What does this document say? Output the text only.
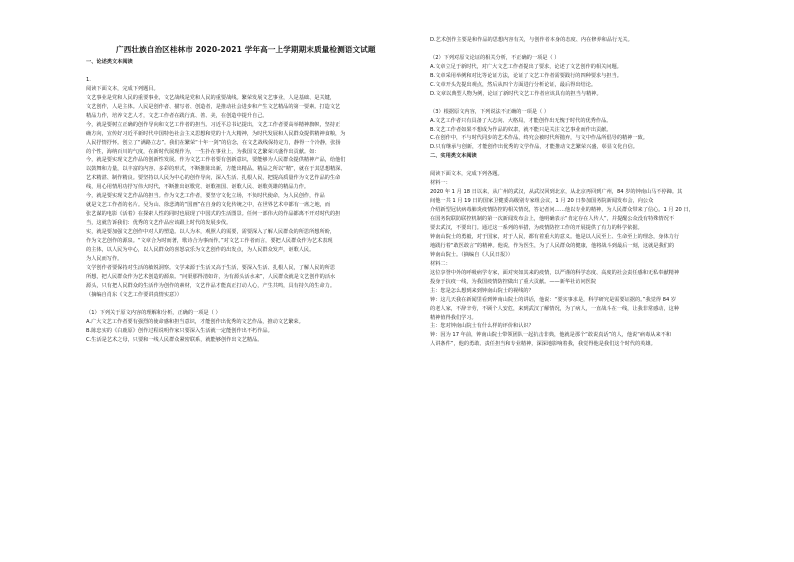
广西壮族自治区桂林市 2020-2021 学年高一上学期期末质量检测语文试题
一、论述类文本阅读
1.
阅读下面文本，完成下列题目。
文艺事业是党和人民的重要事业，文艺战线是党和人民的重要战线。繁荣发展文艺事业，人是基础、是关键，
文艺创作，人是主体。人民是创作者、描写者、创造者，是推动社会进步和产生文艺精品的第一要素。打造文艺
精品力作，培养文艺人才，文艺工作者在践行真、善、美，在创造中提升自己。
今，就是要树立正确的创作导向和文艺工作者的担当。习近平总书记提出，文艺工作者要高举精神旗帜，坚持正
确方向，宣传好习近平新时代中国特色社会主义思想和党的十九大精神，为时代发展和人民群众提供精神食粮，为
人民抒情抒怀。创立了“满路立志”。我们在繁荣“十年一剑”的信念，在文艺战线保持定力，静得一个冷静，张扬
的个性，海纳百川的气度，在新时代展现作为，一生扑在事业上，为我国文艺繁荣兴盛作出贡献。如：
今，就是要实现文艺作品的创新性发展。作为文艺工作者要有创新意识，要能够为人民群众提供精神产品，给他们
以鼓舞和力量，以丰富的内容、多彩的形式，不断推陈出新，方能出精品。精品之所以“精”，就在于其思想精深、
艺术精湛、制作精良。要坚持以人民为中心的创作导向，深入生活、扎根人民，把提高质量作为文艺作品的生命
线，用心用情用功抒写伟大时代，不断推出讴歌党、讴歌祖国、讴歌人民、讴歌英雄的精品力作。
今，就是要实现文艺作品的担当。作为文艺工作者，要坚守文化立场，不负时代使命，为人民创作，作品
就是文艺工作者的名片。吴为山、徐悲鸿的“国画”在自身的文化传统之中，在世界艺术中都有一席之地，而
张艺谋的电影《活着》在探索人性的同时也展现了中国式的生活图景。任何一部伟大的作品都离不开对时代的担
当，这就告诉我们：优秀的文艺作品应该跟上时代的发展步伐。
实，就是要加强文艺创作中对人的塑造。以人为本，观照人的需要，需要深入了解人民群众的所思所想所盼，
作为文艺创作的源泉。“文章合为时而著，歌诗合为事而作。”对文艺工作者而言，要把人民群众作为艺术表现
的主体，以人民为中心，以人民群众的喜怒哀乐为文艺创作的出发点，为人民群众发声，讴歌人民。
为人民而写作。
文学创作者要保持对生活的敏锐洞察。文学来源于生活又高于生活，要深入生活、扎根人民，了解人民的所思
所想，把人民群众作为艺术创造的源泉。“问渠那得清如许，为有源头活水来”，人民群众就是文艺创作的活水
源头，只有把人民群众的生活作为创作的素材，文艺作品才能真正打动人心，产生共鸣，具有持久的生命力。
（摘编自肖东《文艺工作要讲真情实意》）
（1）下列关于原文内容的理解和分析，正确的一项是（ ）
A.广大文艺工作者要有强烈的使命感和担当意识，才能创作出优秀的文艺作品，推动文艺繁荣。
B.陈忠实的《白鹿原》创作过程说明作家只要深入生活就一定能创作出不朽作品。
C.生活是艺术之母，只要和一线人民群众紧密联系，就能够创作出文艺精品。
D.艺术创作主要是和作品的思想内容有关，与创作者本身的态度、内在修养和品行无关。
（2）下列对原文论证的相关分析，不正确的一项是（ ）
A.文章立足于新时代，对广大文艺工作者提出了要求，论述了文艺创作的相关问题。
B.文章采用举例和对比等论证方法，论证了文艺工作者需要践行的四种要求与担当。
C.文章开头先提出观点，然后从四个方面进行分析论证，最后得出结论。
D.文章以典型人物为例，论证了新时代文艺工作者应该具有的担当与精神。
（3）根据原文内容，下列说法不正确的一项是（ ）
A.文艺工作者只有具备了大志向、大格局，才能创作出无愧于时代的优秀作品。
B.文艺工作者如果不想成为作品的奴隶，就不能只是关注文艺事业而作出贡献。
C.在创作中，不与时代同步的艺术作品，终究会被时代所抛弃，与文中作品所倡导的精神一致。
D.只有继承与创新，才能创作出优秀的文学作品，才能推动文艺繁荣兴盛，彰显文化自信。
二、实用类文本阅读
阅读下面文本，完成下列各题。
材料一：
2020 年 1 月 18 日以来，从广州的武汉，从武汉回到北京，从北京再回到广州，84 岁的钟南山马不停蹄。其
间他一共 1 月 19 日的国家卫健委高级别专家组会议，1 月 20 日参加国务院新闻发布会，向公众
介绍新型冠状病毒肺炎疫情防控的相关情况，答记者问……他以专业的精神，为人民群众带来了信心。1 月 20 日，
在国务院联防联控机制的第一次新闻发布会上，他明确表示“肯定存在人传人”，并提醒公众没有特殊情况不
要去武汉，不要出门。通过这一系列的举措，为疫情防控工作的开展提供了有力的科学依据。
钟南山院士的勇毅，对于国家，对于人民，都有着重大的意义。他是以人民至上、生命至上的理念，身体力行
地践行着“敢医敢言”的精神。他说，作为医生，为了人民群众的健康，他将战斗到最后一刻，这就是我们的
钟南山院士。（摘编自《人民日报》）
材料二：
这位享誉中外的呼吸病学专家，面对突如其来的疫情，以严谨的科学态度、高度的社会责任感和无私奉献精神
投身于抗疫一线，为我国疫情防控做出了重大贡献。——新华社访问医院
主：您是怎么想到来到钟南山院士的视线的？
钟：这几天我在新闻里看到钟南山院士的讲话，他说：“要实事求是，科学研究是需要证据的。”我觉得 84 岁
的老人家，不辞辛劳，不顾个人安危，来到武汉了解情况，为了病人，一直战斗在一线，让我非常感动，这种
精神值得我们学习。
主：您对钟南山院士有什么样的评价和认识？
钟：因为 17 年前，钟南山院士带领团队一起抗击非典，他就是那个“敢说真话”的人，他说“病毒从来不和
人讲条件”，他的勇敢、责任担当和专业精神，深深地影响着我，我觉得他是我们这个时代的英雄。
